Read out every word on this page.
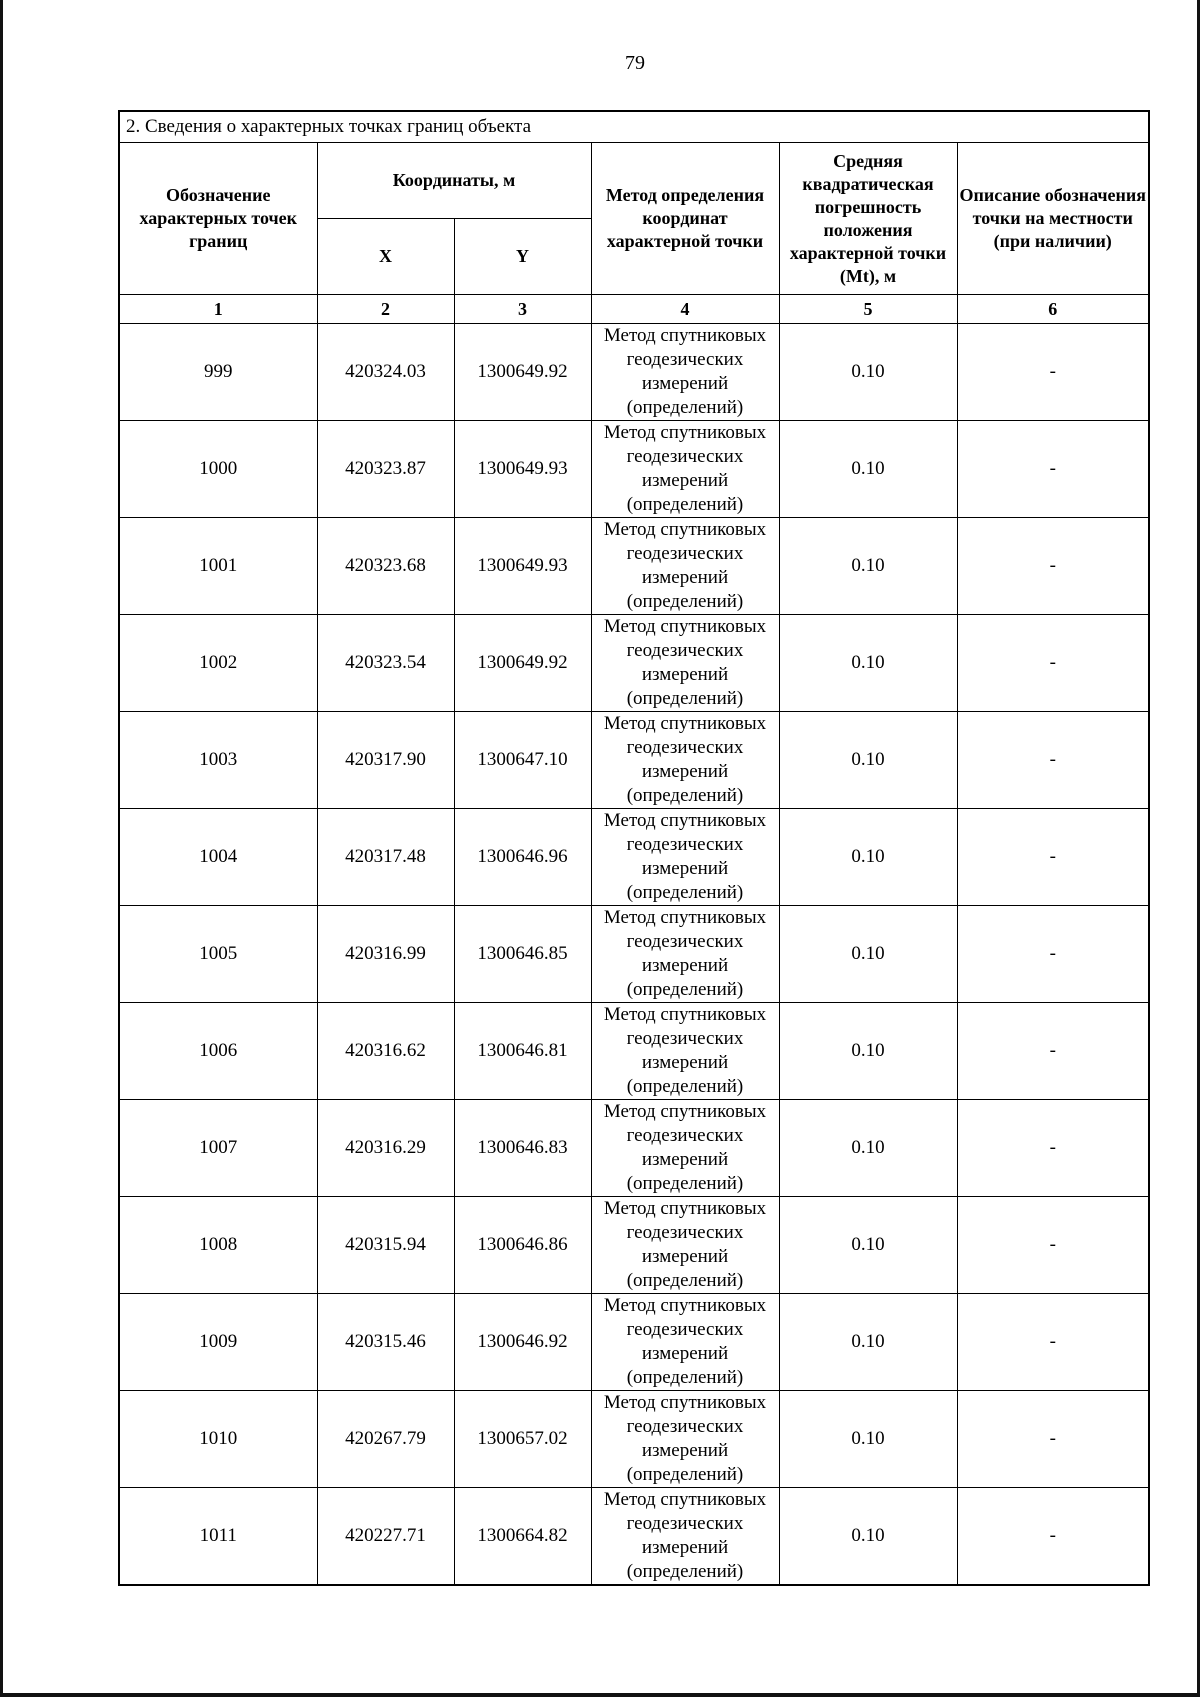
79
2. Сведения о характерных точках границ объекта					
Обозначение характерных точек границ	Координаты, м		Метод определения координат характерной точки	Средняя квадратическая погрешность положения характерной точки (Mt), м	Описание обозначения точки на местности (при наличии)
	X	Y			
1	2	3	4	5	6
999	420324.03	1300649.92	Метод спутниковых геодезических измерений (определений)	0.10	-
1000	420323.87	1300649.93	Метод спутниковых геодезических измерений (определений)	0.10	-
1001	420323.68	1300649.93	Метод спутниковых геодезических измерений (определений)	0.10	-
1002	420323.54	1300649.92	Метод спутниковых геодезических измерений (определений)	0.10	-
1003	420317.90	1300647.10	Метод спутниковых геодезических измерений (определений)	0.10	-
1004	420317.48	1300646.96	Метод спутниковых геодезических измерений (определений)	0.10	-
1005	420316.99	1300646.85	Метод спутниковых геодезических измерений (определений)	0.10	-
1006	420316.62	1300646.81	Метод спутниковых геодезических измерений (определений)	0.10	-
1007	420316.29	1300646.83	Метод спутниковых геодезических измерений (определений)	0.10	-
1008	420315.94	1300646.86	Метод спутниковых геодезических измерений (определений)	0.10	-
1009	420315.46	1300646.92	Метод спутниковых геодезических измерений (определений)	0.10	-
1010	420267.79	1300657.02	Метод спутниковых геодезических измерений (определений)	0.10	-
1011	420227.71	1300664.82	Метод спутниковых геодезических измерений (определений)	0.10	-
